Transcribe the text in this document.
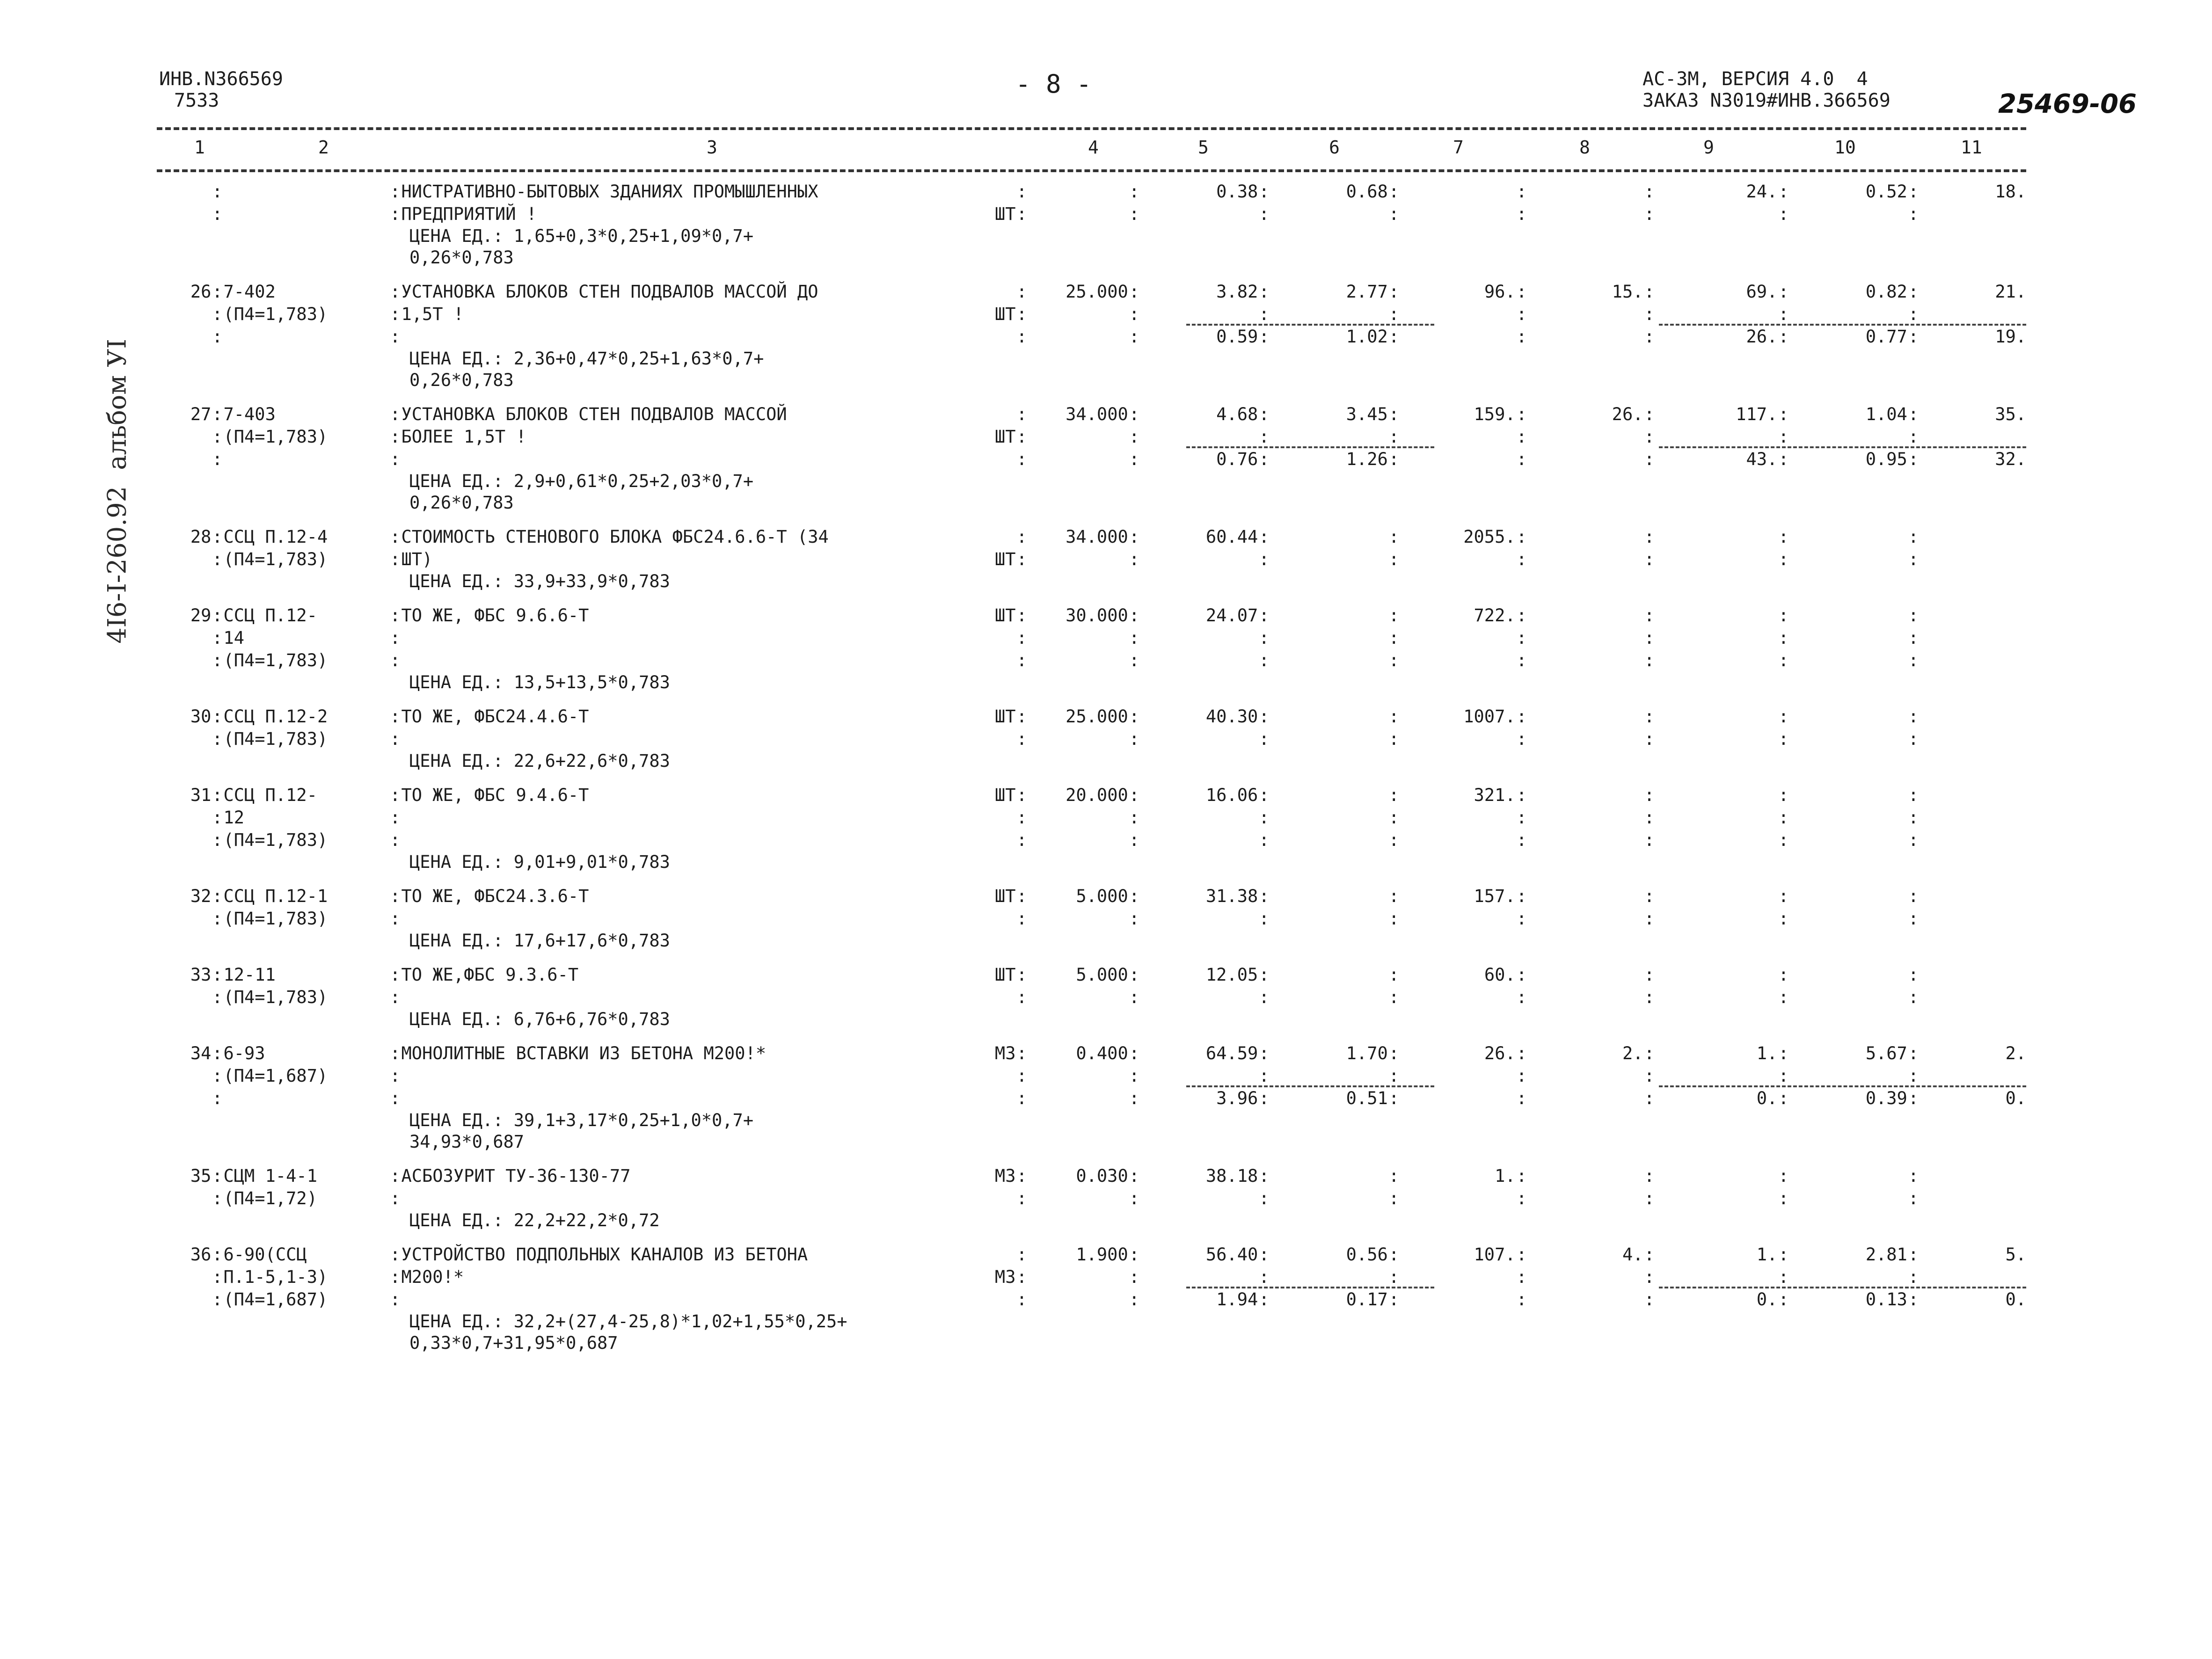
ИНВ.N366569
7533
- 8 -	АС-3М, ВЕРСИЯ 4.0  4
ЗАКАЗ N3019#ИНВ.366569	25469-06
4I6-I-260.92  альбом УI
1	2	3	4	5	6	7	8	9	10	11
:	: НИСТРАТИВНО-БЫТОВЫХ ЗДАНИЯХ ПРОМЫШЛЕННЫХ	:	:	0.38 :	0.68 :	:	:	24. :	0.52 :	18.
:	: ПРЕДПРИЯТИЙ !	ШТ :	:	:	:	:	:	:	:
ЦЕНА ЕД.: 1,65+0,3*0,25+1,09*0,7+
0,26*0,783
26 : 7-402	: УСТАНОВКА БЛОКОВ СТЕН ПОДВАЛОВ МАССОЙ ДО	:	25.000 :	3.82 :	2.77 :	96. :	15. :	69. :	0.82 :	21.
: (П4=1,783)	: 1,5Т !	ШТ :	:	:	:	:	:	:	:
:	:	:	:	0.59 :	1.02 :	:	:	26. :	0.77 :	19.
ЦЕНА ЕД.: 2,36+0,47*0,25+1,63*0,7+
0,26*0,783
27 : 7-403	: УСТАНОВКА БЛОКОВ СТЕН ПОДВАЛОВ МАССОЙ	:	34.000 :	4.68 :	3.45 :	159. :	26. :	117. :	1.04 :	35.
: (П4=1,783)	: БОЛЕЕ 1,5Т !	ШТ :	:	:	:	:	:	:	:
:	:	:	:	0.76 :	1.26 :	:	:	43. :	0.95 :	32.
ЦЕНА ЕД.: 2,9+0,61*0,25+2,03*0,7+
0,26*0,783
28 : ССЦ П.12-4	: СТОИМОСТЬ СТЕНОВОГО БЛОКА ФБС24.6.6-Т (34	:	34.000 :	60.44 :	:	2055. :	:	:	:
: (П4=1,783)	: ШТ)	ШТ :	:	:	:	:	:	:	:
ЦЕНА ЕД.: 33,9+33,9*0,783
29 : ССЦ П.12-	: ТО ЖЕ, ФБС 9.6.6-Т	ШТ :	30.000 :	24.07 :	:	722. :	:	:	:
: 14	:	:	:	:	:	:	:	:	:
: (П4=1,783)	:	:	:	:	:	:	:	:	:
ЦЕНА ЕД.: 13,5+13,5*0,783
30 : ССЦ П.12-2	: ТО ЖЕ, ФБС24.4.6-Т	ШТ :	25.000 :	40.30 :	:	1007. :	:	:	:
: (П4=1,783)	:	:	:	:	:	:	:	:	:
ЦЕНА ЕД.: 22,6+22,6*0,783
31 : ССЦ П.12-	: ТО ЖЕ, ФБС 9.4.6-Т	ШТ :	20.000 :	16.06 :	:	321. :	:	:	:
: 12	:	:	:	:	:	:	:	:	:
: (П4=1,783)	:	:	:	:	:	:	:	:	:
ЦЕНА ЕД.: 9,01+9,01*0,783
32 : ССЦ П.12-1	: ТО ЖЕ, ФБС24.3.6-Т	ШТ :	5.000 :	31.38 :	:	157. :	:	:	:
: (П4=1,783)	:	:	:	:	:	:	:	:	:
ЦЕНА ЕД.: 17,6+17,6*0,783
33 : 12-11	: ТО ЖЕ,ФБС 9.3.6-Т	ШТ :	5.000 :	12.05 :	:	60. :	:	:	:
: (П4=1,783)	:	:	:	:	:	:	:	:	:
ЦЕНА ЕД.: 6,76+6,76*0,783
34 : 6-93	: МОНОЛИТНЫЕ ВСТАВКИ ИЗ БЕТОНА М200!*	М3 :	0.400 :	64.59 :	1.70 :	26. :	2. :	1. :	5.67 :	2.
: (П4=1,687)	:	:	:	:	:	:	:	:	:
:	:	:	:	3.96 :	0.51 :	:	:	0. :	0.39 :	0.
ЦЕНА ЕД.: 39,1+3,17*0,25+1,0*0,7+
34,93*0,687
35 : СЦМ 1-4-1	: АСБОЗУРИТ ТУ-36-130-77	М3 :	0.030 :	38.18 :	:	1. :	:	:	:
: (П4=1,72)	:	:	:	:	:	:	:	:	:
ЦЕНА ЕД.: 22,2+22,2*0,72
36 : 6-90(ССЦ	: УСТРОЙСТВО ПОДПОЛЬНЫХ КАНАЛОВ ИЗ БЕТОНА	:	1.900 :	56.40 :	0.56 :	107. :	4. :	1. :	2.81 :	5.
: П.1-5,1-3)	: М200!*	М3 :	:	:	:	:	:	:	:
: (П4=1,687)	:	:	:	1.94 :	0.17 :	:	:	0. :	0.13 :	0.
ЦЕНА ЕД.: 32,2+(27,4-25,8)*1,02+1,55*0,25+
0,33*0,7+31,95*0,687
